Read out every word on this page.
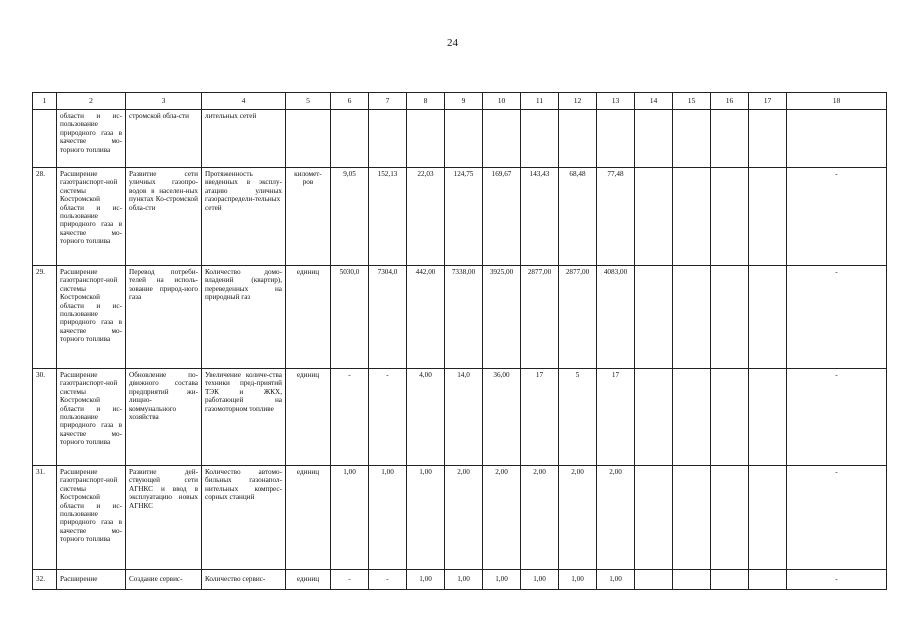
24
1	2	3	4	5	6	7	8	9	10	11	12	13	14	15	16	17	18
	области и ис-пользование природного газа в качестве мо-торного топлива	стромской обла-сти	лительных сетей														
28.	Расширение газотранспорт-ной системы Костромской области и ис-пользование природного газа в качестве мо-торного топлива	Развитие сети уличных газопро-водов в населен-ных пунктах Ко-стромской обла-сти	Протяженность введенных в эксплу-атацию уличных газораспредели-тельных сетей	километ-ров	9,05	152,13	22,03	124,75	169,67	143,43	68,48	77,48					-
29.	Расширение газотранспорт-ной системы Костромской области и ис-пользование природного газа в качестве мо-торного топлива	Перевод потреби-телей на исполь-зование природ-ного газа	Количество домо-владений (квартир), переведенных на природный газ	единиц	5030,0	7304,0	442,00	7338,00	3925,00	2877,00	2877,00	4083,00					-
30.	Расширение газотранспорт-ной системы Костромской области и ис-пользование природного газа в качестве мо-торного топлива	Обновление по-движного состава предприятий жи-лищно-коммунального хозяйства	Увеличение количе-ства техники пред-приятий ТЭК и ЖКХ, работающей на газомоторном топливе	единиц	-	-	4,00	14,0	36,00	17	5	17					-
31.	Расширение газотранспорт-ной системы Костромской области и ис-пользование природного газа в качестве мо-торного топлива	Развитие дей-ствующей сети АГНКС и ввод в эксплуатацию новых АГНКС	Количество автомо-бильных газонапол-нительных компрес-сорных станций	единиц	1,00	1,00	1,00	2,00	2,00	2,00	2,00	2,00					-
32.	Расширение	Создание сервис-	Количество сервис-	единиц	-	-	1,00	1,00	1,00	1,00	1,00	1,00					-
